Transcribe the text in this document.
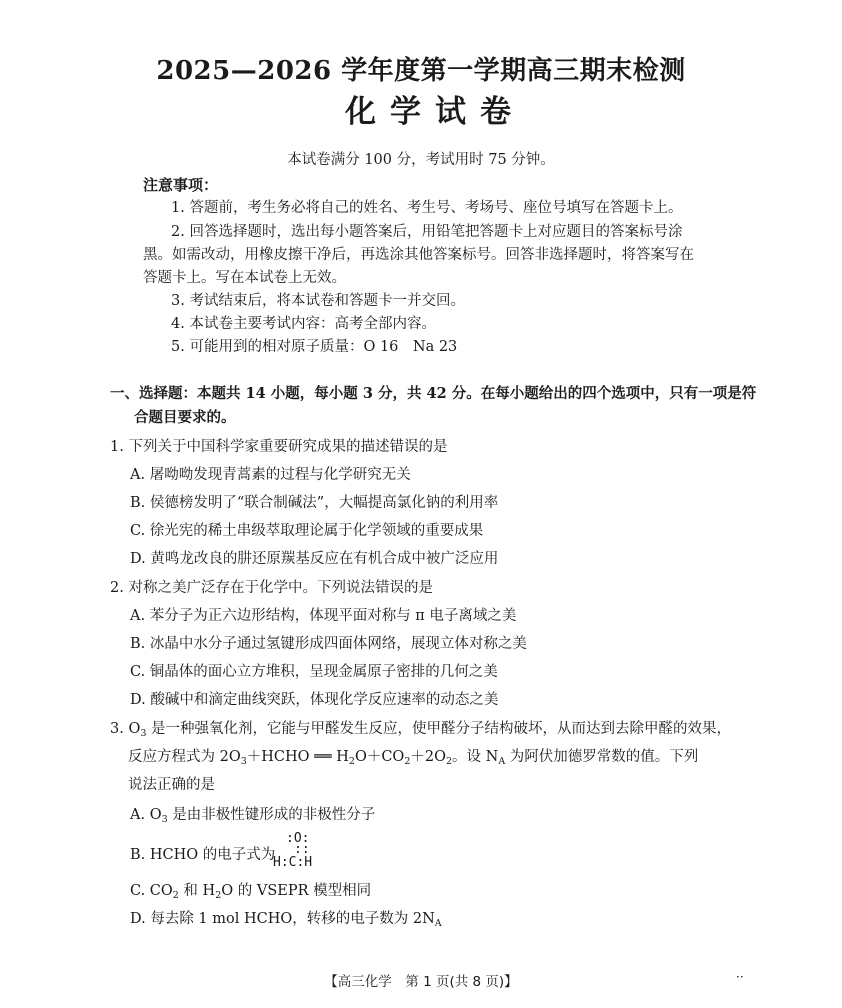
2025—2026 学年度第一学期高三期末检测
化学试卷
本试卷满分 100 分，考试用时 75 分钟。
注意事项：
1. 答题前，考生务必将自己的姓名、考生号、考场号、座位号填写在答题卡上。
2. 回答选择题时，选出每小题答案后，用铅笔把答题卡上对应题目的答案标号涂
黑。如需改动，用橡皮擦干净后，再选涂其他答案标号。回答非选择题时，将答案写在
答题卡上。写在本试卷上无效。
3. 考试结束后，将本试卷和答题卡一并交回。
4. 本试卷主要考试内容：高考全部内容。
5. 可能用到的相对原子质量：O 16　Na 23
一、选择题：本题共 14 小题，每小题 3 分，共 42 分。在每小题给出的四个选项中，只有一项是符
合题目要求的。
1. 下列关于中国科学家重要研究成果的描述错误的是
A. 屠呦呦发现青蒿素的过程与化学研究无关
B. 侯德榜发明了“联合制碱法”，大幅提高氯化钠的利用率
C. 徐光宪的稀土串级萃取理论属于化学领域的重要成果
D. 黄鸣龙改良的肼还原羰基反应在有机合成中被广泛应用
2. 对称之美广泛存在于化学中。下列说法错误的是
A. 苯分子为正六边形结构，体现平面对称与 π 电子离域之美
B. 冰晶中水分子通过氢键形成四面体网络，展现立体对称之美
C. 铜晶体的面心立方堆积，呈现金属原子密排的几何之美
D. 酸碱中和滴定曲线突跃，体现化学反应速率的动态之美
3. $O_3$ 是一种强氧化剂，它能与甲醛发生反应，使甲醛分子结构破坏，从而达到去除甲醛的效果，
反应方程式为 $2O_3+HCHO$ ══ $H_2O+CO_2+2O_2$。设 $N_A$ 为阿伏加德罗常数的值。下列
说法正确的是
A. $O_3$ 是由非极性键形成的非极性分子
B. HCHO 的电子式为
:O:
::
H:C:H
C. $CO_2$ 和 $H_2O$ 的 VSEPR 模型相同
D. 每去除 1 mol HCHO，转移的电子数为 $2N_A$
【高三化学　第 1 页(共 8 页)】	··
